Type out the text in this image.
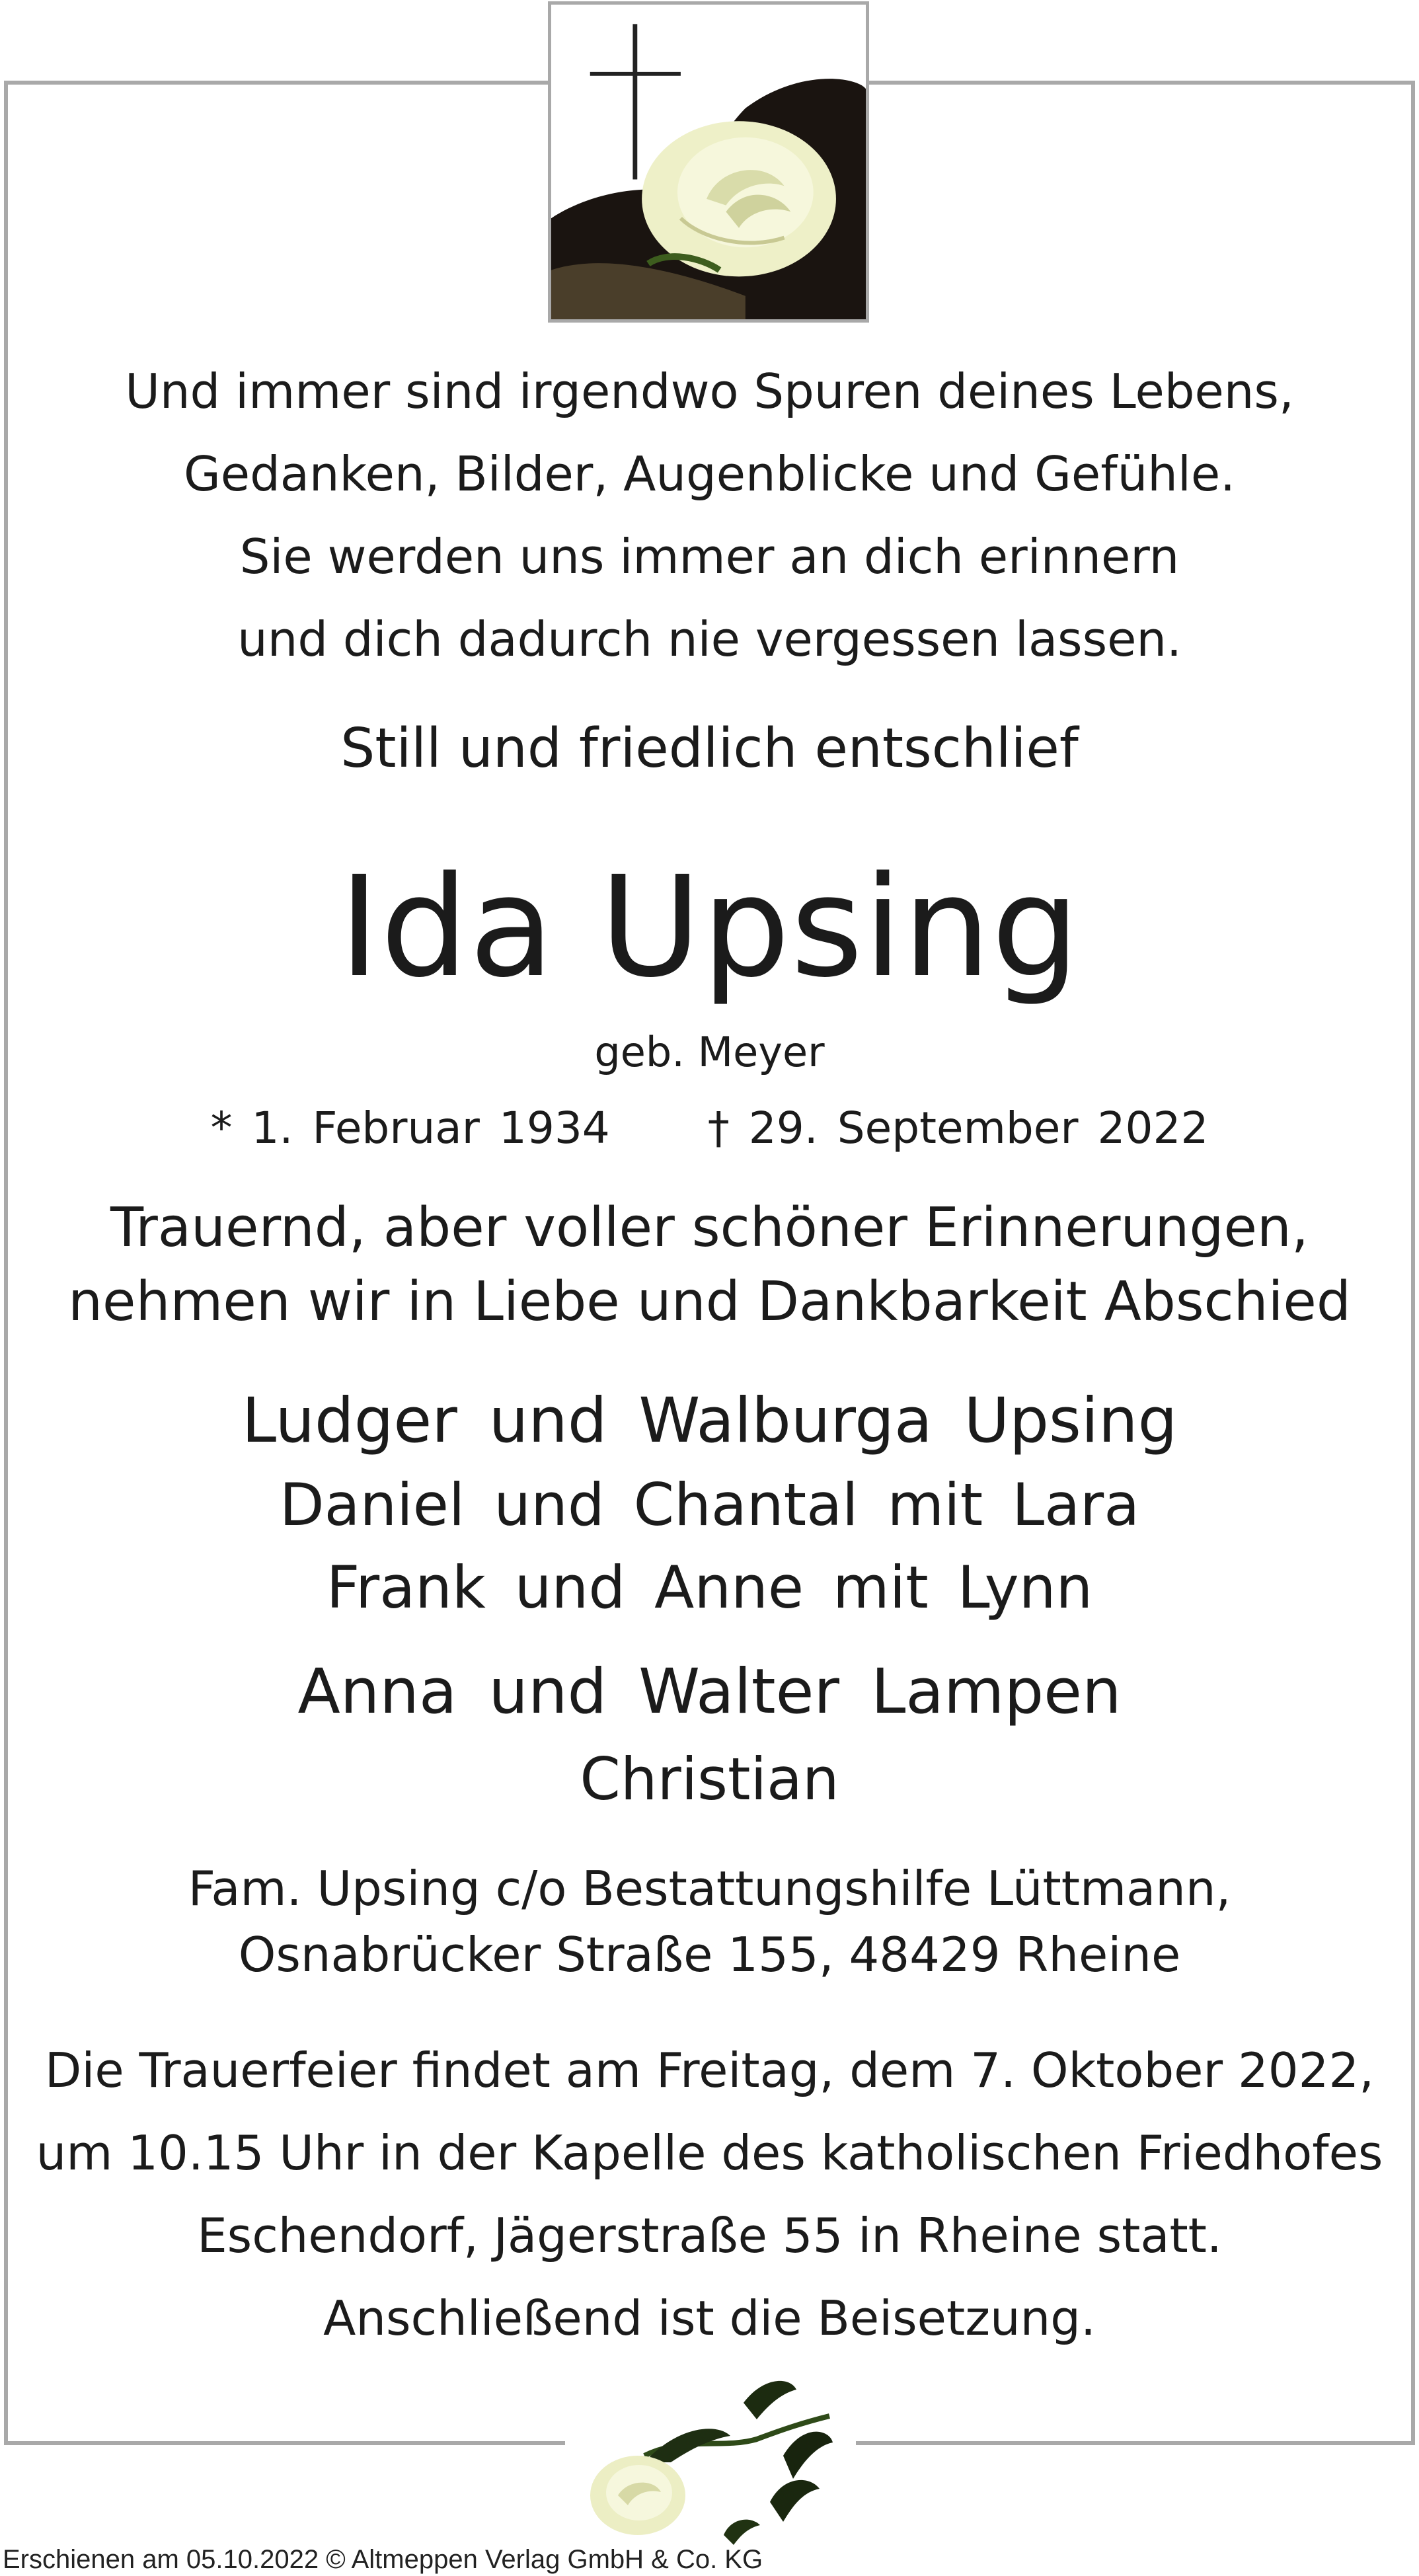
Und immer sind irgendwo Spuren deines Lebens,
Gedanken, Bilder, Augenblicke und Gefühle.
Sie werden uns immer an dich erinnern
und dich dadurch nie vergessen lassen.
Still und friedlich entschlief
Ida Upsing
geb. Meyer
* 1. Februar 1934 † 29. September 2022
Trauernd, aber voller schöner Erinnerungen,
nehmen wir in Liebe und Dankbarkeit Abschied
Ludger und Walburga Upsing
Daniel und Chantal mit Lara
Frank und Anne mit Lynn
Anna und Walter Lampen
Christian
Fam. Upsing c/o Bestattungshilfe Lüttmann,
Osnabrücker Straße 155, 48429 Rheine
Die Trauerfeier findet am Freitag, dem 7. Oktober 2022,
um 10.15 Uhr in der Kapelle des katholischen Friedhofes
Eschendorf, Jägerstraße 55 in Rheine statt.
Anschließend ist die Beisetzung.
Erschienen am 05.10.2022 © Altmeppen Verlag GmbH & Co. KG
